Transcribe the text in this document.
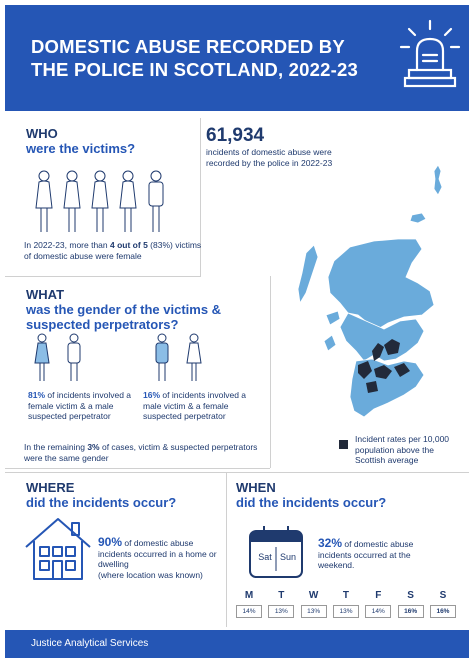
DOMESTIC ABUSE RECORDED BY
THE POLICE IN SCOTLAND, 2022-23
WHO
were the victims?
In 2022-23, more than 4 out of 5 (83%) victims of domestic abuse were female
61,934
incidents of domestic abuse were recorded by the police in 2022-23
WHAT
was the gender of the victims &
suspected perpetrators?
81% of incidents involved a female victim & a male suspected perpetrator
16% of incidents involved a male victim & a female suspected perpetrator
In the remaining 3% of cases, victim & suspected perpetrators were the same gender
Incident rates per 10,000 population above the Scottish average
WHERE
did the incidents occur?
90% of domestic abuse incidents occurred in a home or dwelling
(where location was known)
WHEN
did the incidents occur?
Sat Sun
32% of domestic abuse incidents occurred at the weekend.
M
14%
T
13%
W
13%
T
13%
F
14%
S
16%
S
16%
Justice Analytical Services
